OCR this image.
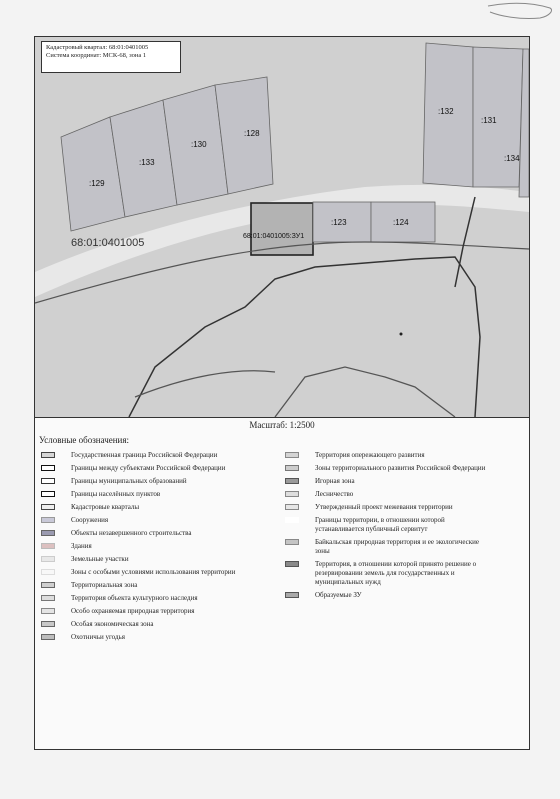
Кадастровый квартал: 68:01:0401005
Система координат: МСК-68, зона 1
68:01:0401005
:129
:133
:130
:128
:132
:131
:134
:123	:124
68:01:0401005:ЗУ1
Масштаб: 1:2500
Условные обозначения:
Государственная граница Российской Федерации
Границы между субъектами Российской Федерации
Границы муниципальных образований
Границы населённых пунктов
Кадастровые кварталы
Сооружения
Объекты незавершенного строительства
Здания
Земельные участки
Зоны с особыми условиями использования территории
Территориальная зона
Территория объекта культурного наследия
Особо охраняемая природная территория
Особая экономическая зона
Охотничьи угодья
Территория опережающего развития
Зоны территориального развития Российской Федерации
Игорная зона
Лесничество
Утвержденный проект межевания территории
Границы территории, в отношении которой устанавливается публичный сервитут
Байкальская природная территория и ее экологические зоны
Территория, в отношении которой принято решение о резервировании земель для государственных и муниципальных нужд
Образуемые ЗУ
